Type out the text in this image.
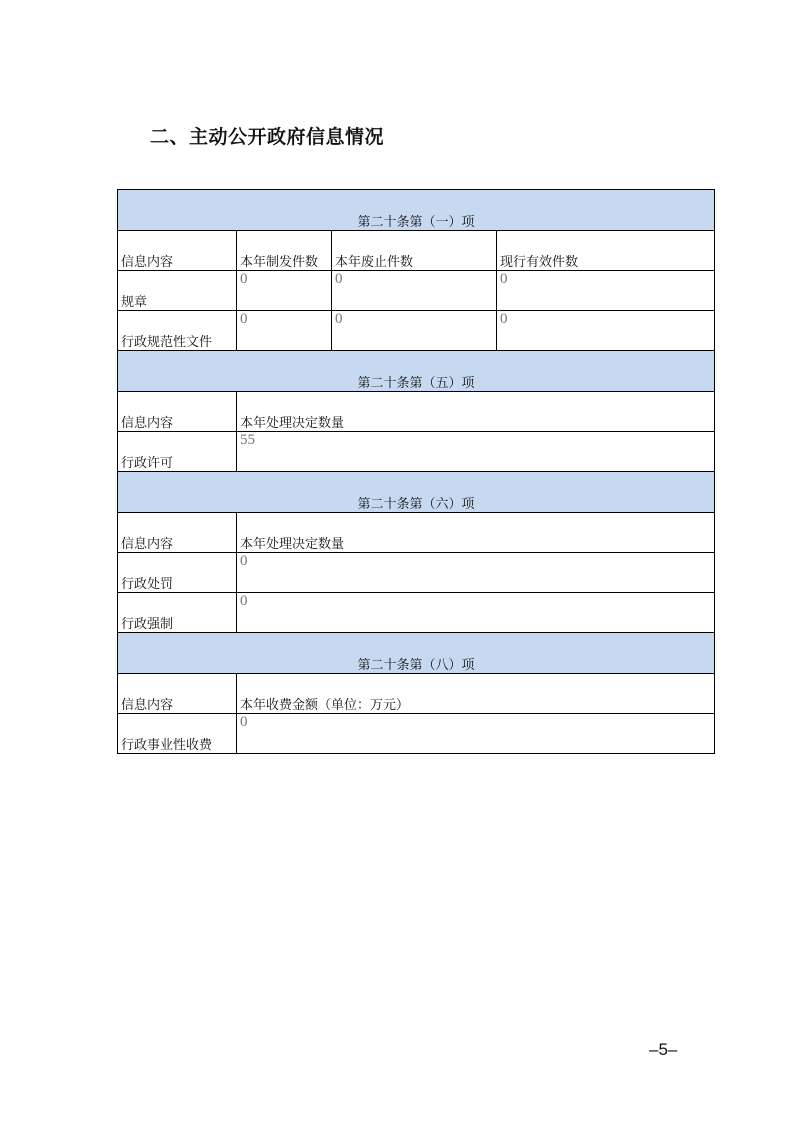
二、主动公开政府信息情况
第二十条第（一）项			
信息内容	本年制发件数	本年废止件数	现行有效件数
规章	0	0	0
行政规范性文件	0	0	0
第二十条第（五）项			
信息内容	本年处理决定数量		
行政许可	55		
第二十条第（六）项			
信息内容	本年处理决定数量		
行政处罚	0		
行政强制	0		
第二十条第（八）项			
信息内容	本年收费金额（单位：万元）		
行政事业性收费	0		
–5–
